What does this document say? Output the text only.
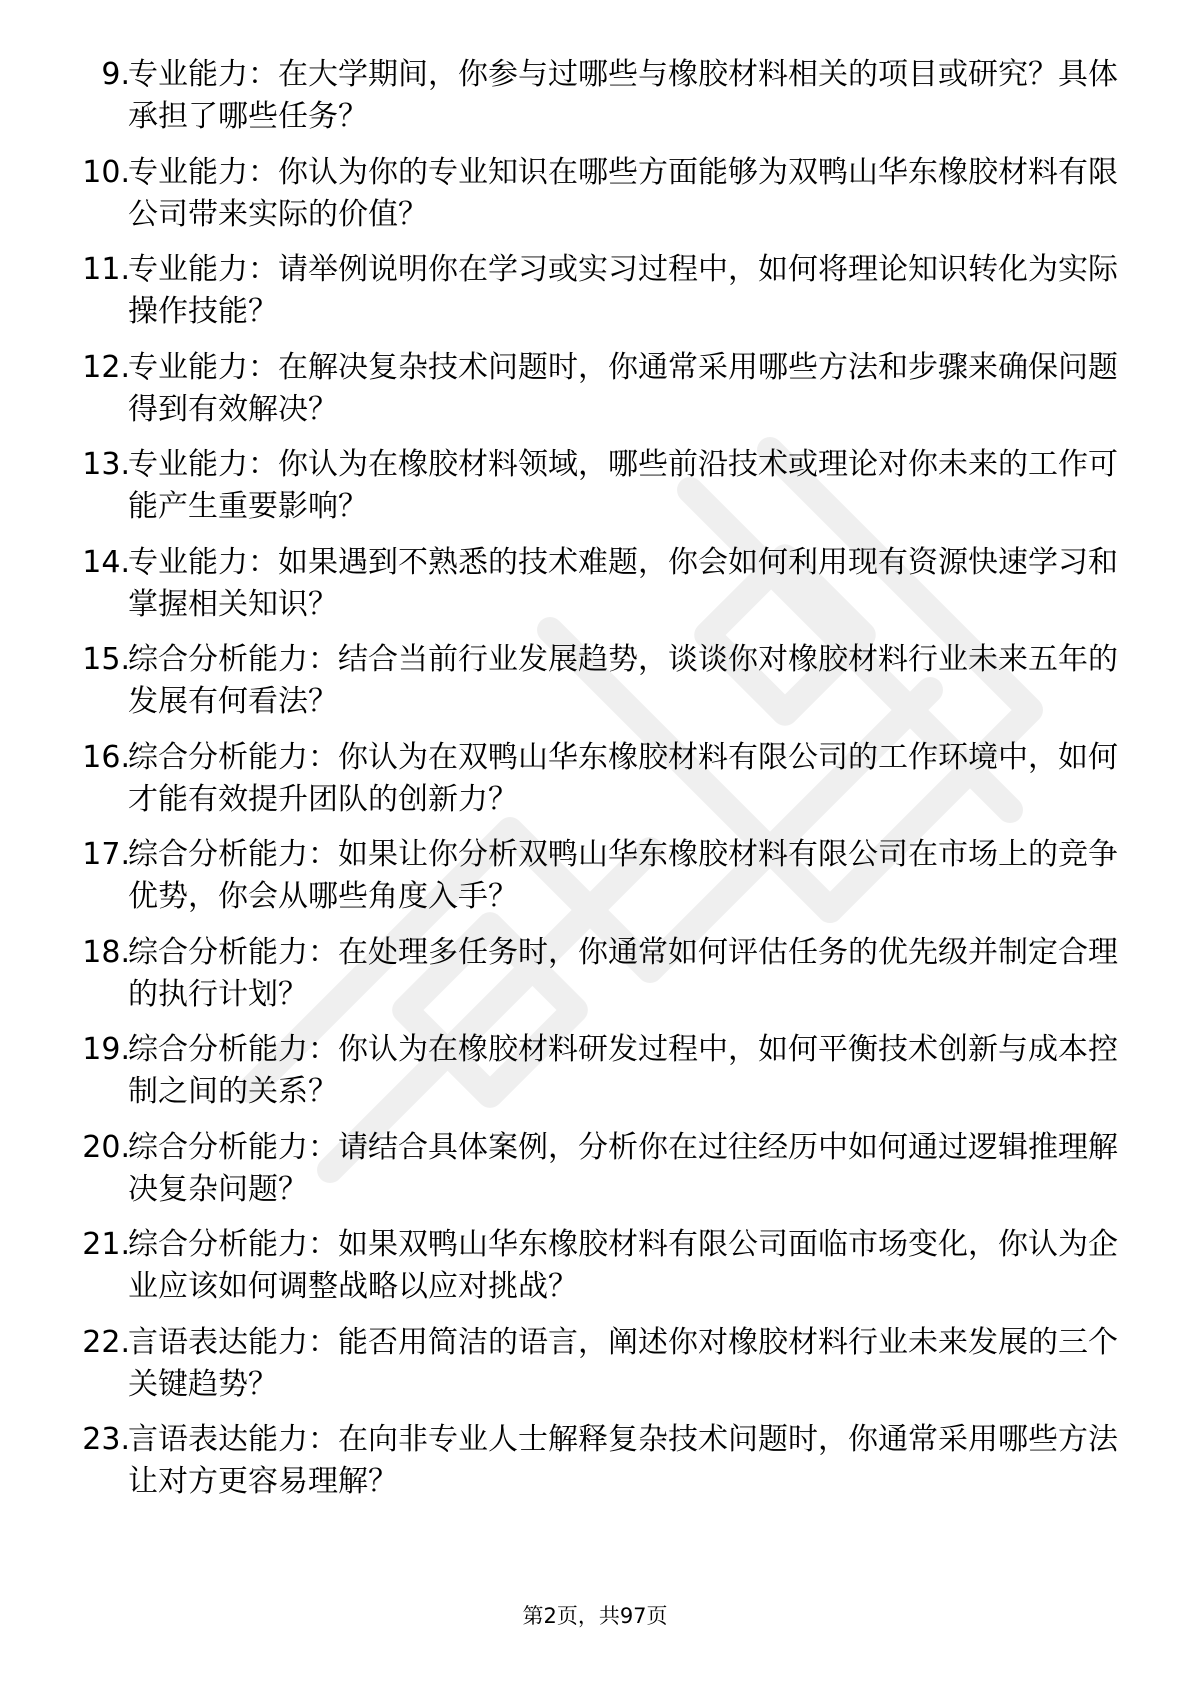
9.

专业能力：在大学期间，你参与过哪些与橡胶材料相关的项目或研究？具体承担了哪些任务？

10.

专业能力：你认为你的专业知识在哪些方面能够为双鸭山华东橡胶材料有限公司带来实际的价值？

11.

专业能力：请举例说明你在学习或实习过程中，如何将理论知识转化为实际操作技能？

12.

专业能力：在解决复杂技术问题时，你通常采用哪些方法和步骤来确保问题得到有效解决？

13.

专业能力：你认为在橡胶材料领域，哪些前沿技术或理论对你未来的工作可能产生重要影响？

14.

专业能力：如果遇到不熟悉的技术难题，你会如何利用现有资源快速学习和掌握相关知识？

15.

综合分析能力：结合当前行业发展趋势，谈谈你对橡胶材料行业未来五年的发展有何看法？

16.

综合分析能力：你认为在双鸭山华东橡胶材料有限公司的工作环境中，如何才能有效提升团队的创新力？

17.

综合分析能力：如果让你分析双鸭山华东橡胶材料有限公司在市场上的竞争优势，你会从哪些角度入手？

18.

综合分析能力：在处理多任务时，你通常如何评估任务的优先级并制定合理的执行计划？

19.

综合分析能力：你认为在橡胶材料研发过程中，如何平衡技术创新与成本控制之间的关系？

20.

综合分析能力：请结合具体案例，分析你在过往经历中如何通过逻辑推理解决复杂问题？

21.

综合分析能力：如果双鸭山华东橡胶材料有限公司面临市场变化，你认为企业应该如何调整战略以应对挑战？

22.

言语表达能力：能否用简洁的语言，阐述你对橡胶材料行业未来发展的三个关键趋势？

23.

言语表达能力：在向非专业人士解释复杂技术问题时，你通常采用哪些方法让对方更容易理解？

第2页，共97页
